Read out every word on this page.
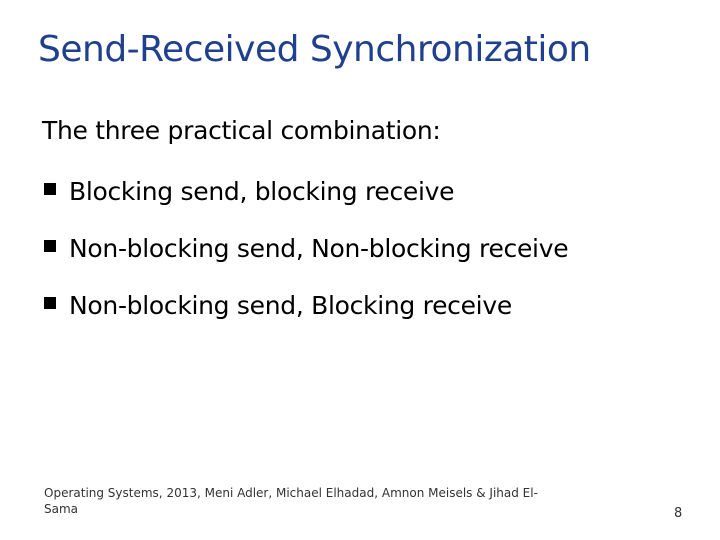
Send-Received Synchronization
The three practical combination:
Blocking send, blocking receive
Non-blocking send, Non-blocking receive
Non-blocking send, Blocking receive
Operating Systems, 2013, Meni Adler, Michael Elhadad, Amnon Meisels & Jihad El-Sama	8
